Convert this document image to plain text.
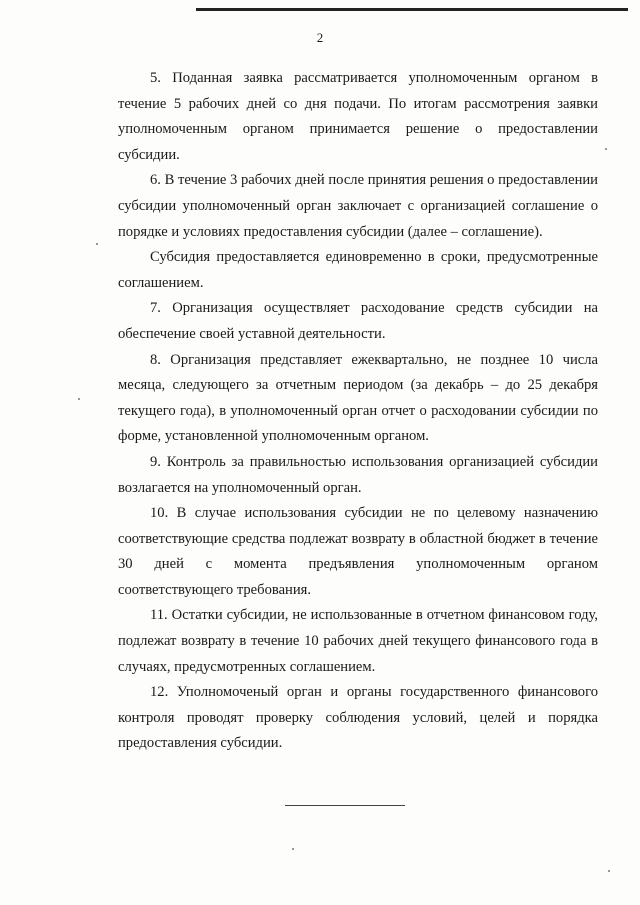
2

5. Поданная заявка рассматривается уполномоченным органом в течение 5 рабочих дней со дня подачи. По итогам рассмотрения заявки уполномоченным органом принимается решение о предоставлении субсидии.

6. В течение 3 рабочих дней после принятия решения о предоставлении субсидии уполномоченный орган заключает с организацией соглашение о порядке и условиях предоставления субсидии (далее – соглашение).

Субсидия предоставляется единовременно в сроки, предусмотренные соглашением.

7. Организация осуществляет расходование средств субсидии на обеспечение своей уставной деятельности.

8. Организация представляет ежеквартально, не позднее 10 числа месяца, следующего за отчетным периодом (за декабрь – до 25 декабря текущего года), в уполномоченный орган отчет о расходовании субсидии по форме, установленной уполномоченным органом.

9. Контроль за правильностью использования организацией субсидии возлагается на уполномоченный орган.

10. В случае использования субсидии не по целевому назначению соответствующие средства подлежат возврату в областной бюджет в течение 30 дней с момента предъявления уполномоченным органом соответствующего требования.

11. Остатки субсидии, не использованные в отчетном финансовом году, подлежат возврату в течение 10 рабочих дней текущего финансового года в случаях, предусмотренных соглашением.

12. Уполномоченый орган и органы государственного финансового контроля проводят проверку соблюдения условий, целей и порядка предоставления субсидии.
